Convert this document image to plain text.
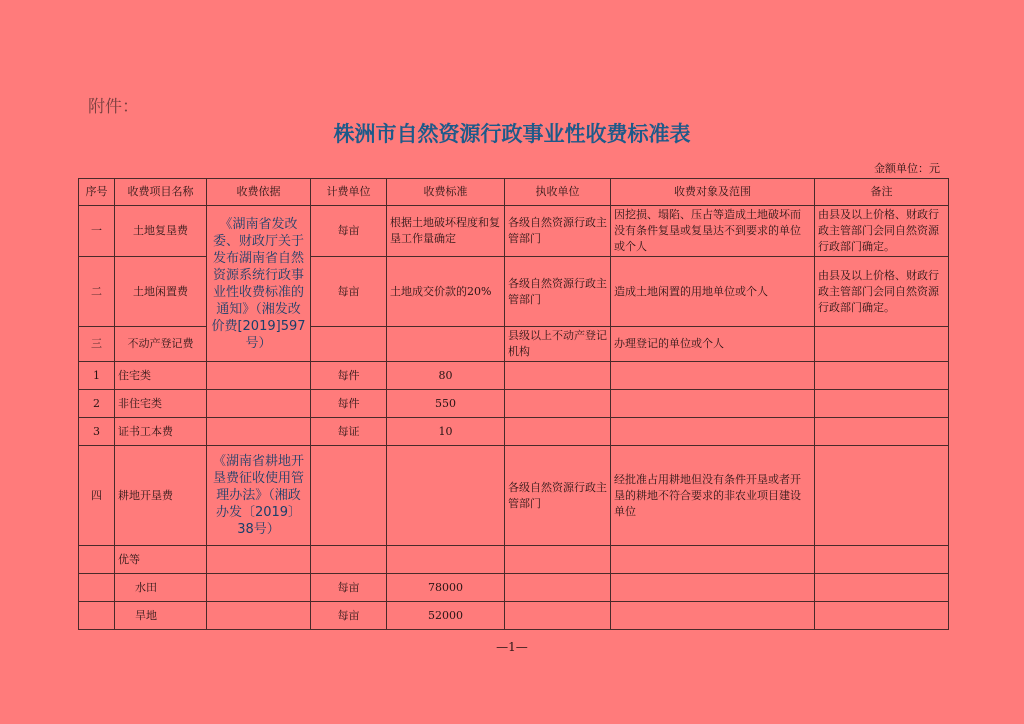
附件：
株洲市自然资源行政事业性收费标准表
金额单位：元
序号	收费项目名称	收费依据	计费单位	收费标准	执收单位	收费对象及范围	备注
一	土地复垦费	《湖南省发改委、财政厅关于发布湖南省自然资源系统行政事业性收费标准的通知》（湘发改价费[2019]597号）	每亩	根据土地破坏程度和复垦工作量确定	各级自然资源行政主管部门	因挖损、塌陷、压占等造成土地破坏而没有条件复垦或复垦达不到要求的单位或个人	由县及以上价格、财政行政主管部门会同自然资源行政部门确定。
二	土地闲置费		每亩	土地成交价款的20%	各级自然资源行政主管部门	造成土地闲置的用地单位或个人	由县及以上价格、财政行政主管部门会同自然资源行政部门确定。
三	不动产登记费				县级以上不动产登记机构	办理登记的单位或个人	
1	住宅类		每件	80			
2	非住宅类		每件	550			
3	证书工本费		每证	10			
四	耕地开垦费	《湖南省耕地开垦费征收使用管理办法》（湘政办发〔2019〕38号）			各级自然资源行政主管部门	经批准占用耕地但没有条件开垦或者开垦的耕地不符合要求的非农业项目建设单位	
	优等						
	水田		每亩	78000			
	旱地		每亩	52000			
—1—
